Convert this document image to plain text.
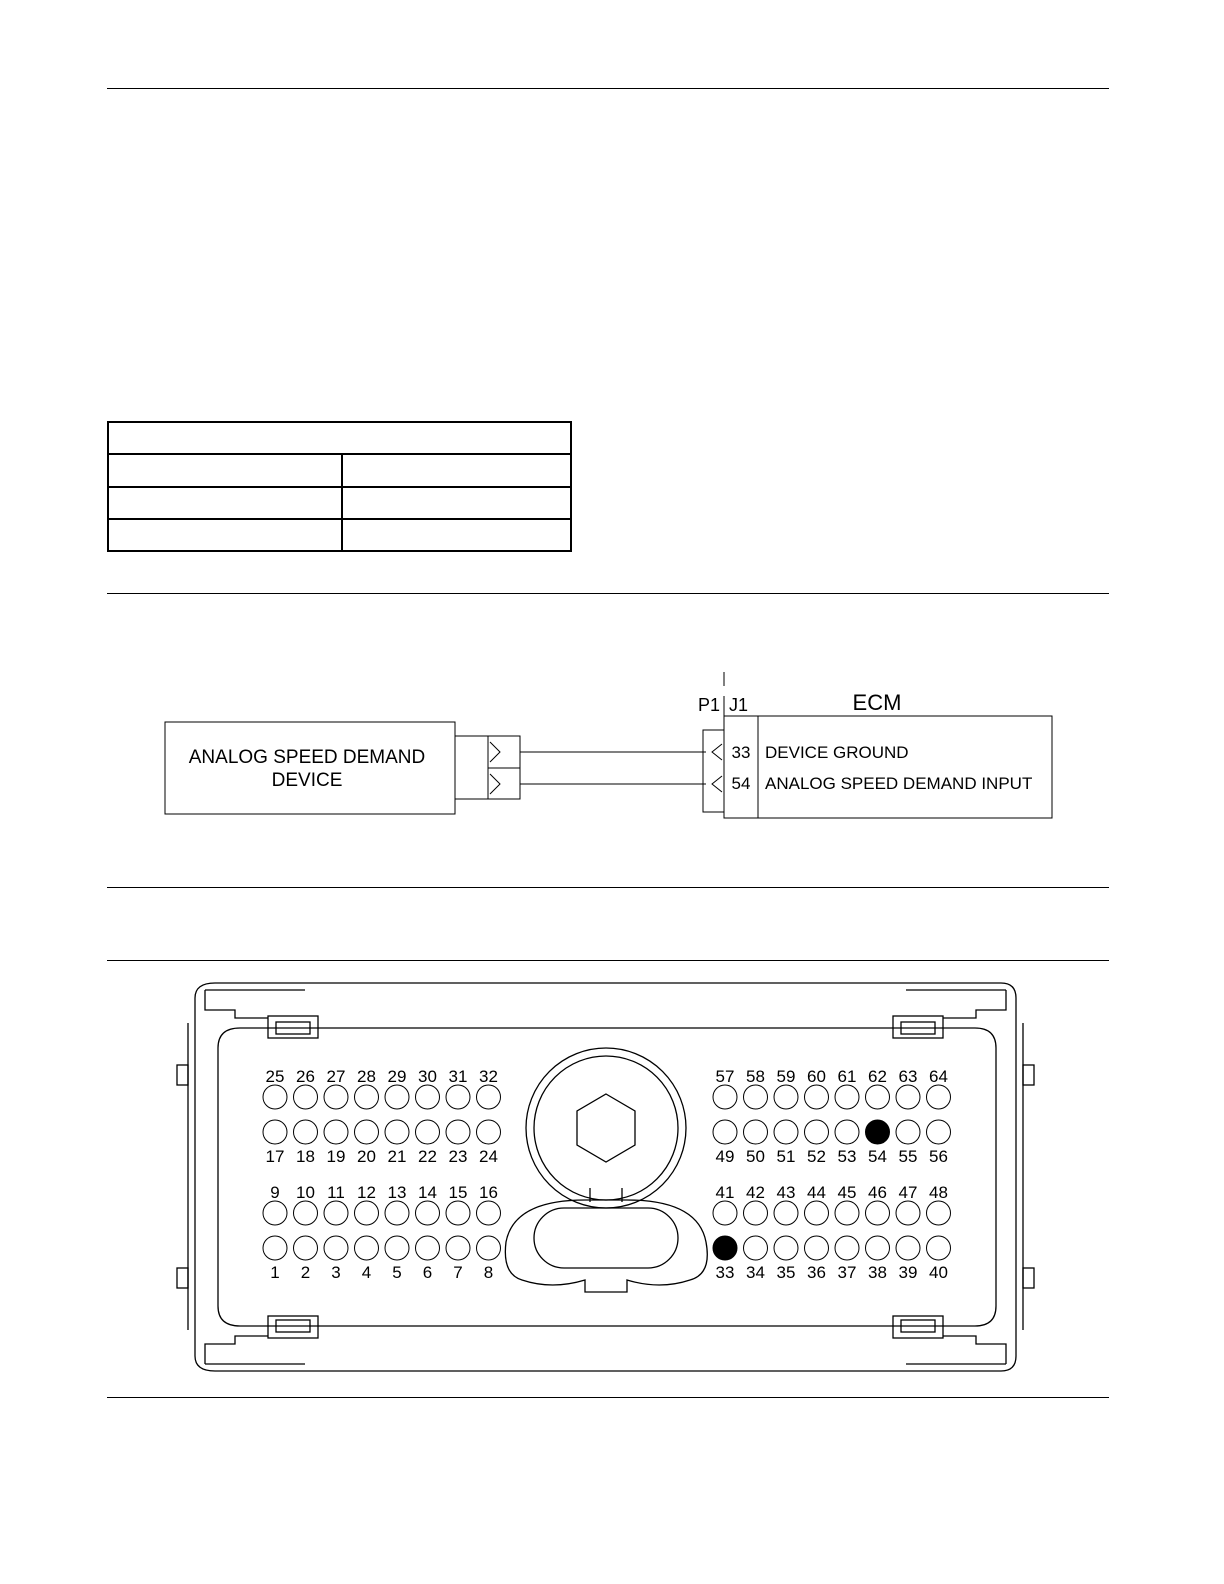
ANALOG SPEED DEMAND
DEVICE
P1 J1	ECM
33 DEVICE GROUND
54 ANALOG SPEED DEMAND INPUT
25 26 27 28 29 30 31 32
17 18 19 20 21 22 23 24
9 10 11 12 13 14 15 16
1 2 3 4 5 6 7 8
57 58 59 60 61 62 63 64
49 50 51 52 53 54 55 56
41 42 43 44 45 46 47 48
33 34 35 36 37 38 39 40
